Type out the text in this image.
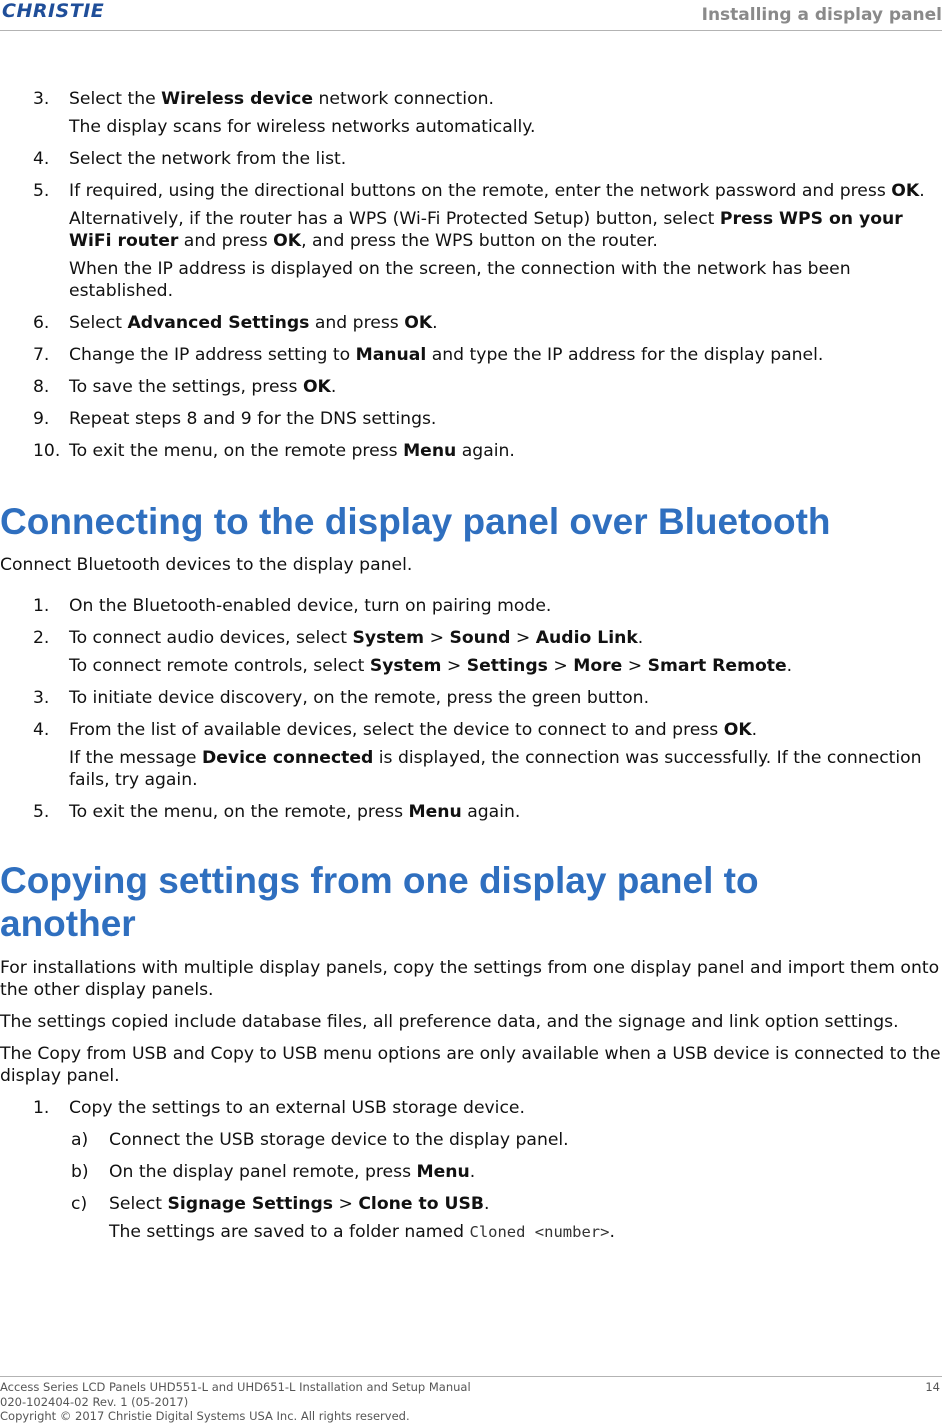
CHRISTIE	Installing a display panel
3. Select the Wireless device network connection.
The display scans for wireless networks automatically.
4. Select the network from the list.
5. If required, using the directional buttons on the remote, enter the network password and press OK.
Alternatively, if the router has a WPS (Wi-Fi Protected Setup) button, select Press WPS on your WiFi router and press OK, and press the WPS button on the router.
When the IP address is displayed on the screen, the connection with the network has been established.
6. Select Advanced Settings and press OK.
7. Change the IP address setting to Manual and type the IP address for the display panel.
8. To save the settings, press OK.
9. Repeat steps 8 and 9 for the DNS settings.
10. To exit the menu, on the remote press Menu again.
Connecting to the display panel over Bluetooth
Connect Bluetooth devices to the display panel.
1. On the Bluetooth-enabled device, turn on pairing mode.
2. To connect audio devices, select System > Sound > Audio Link.
To connect remote controls, select System > Settings > More > Smart Remote.
3. To initiate device discovery, on the remote, press the green button.
4. From the list of available devices, select the device to connect to and press OK.
If the message Device connected is displayed, the connection was successfully. If the connection fails, try again.
5. To exit the menu, on the remote, press Menu again.
Copying settings from one display panel to another
For installations with multiple display panels, copy the settings from one display panel and import them onto the other display panels.
The settings copied include database files, all preference data, and the signage and link option settings.
The Copy from USB and Copy to USB menu options are only available when a USB device is connected to the display panel.
1. Copy the settings to an external USB storage device.
a) Connect the USB storage device to the display panel.
b) On the display panel remote, press Menu.
c) Select Signage Settings > Clone to USB.
The settings are saved to a folder named Cloned <number>.
Access Series LCD Panels UHD551-L and UHD651-L Installation and Setup Manual
020-102404-02 Rev. 1 (05-2017)
Copyright © 2017 Christie Digital Systems USA Inc. All rights reserved.
14
